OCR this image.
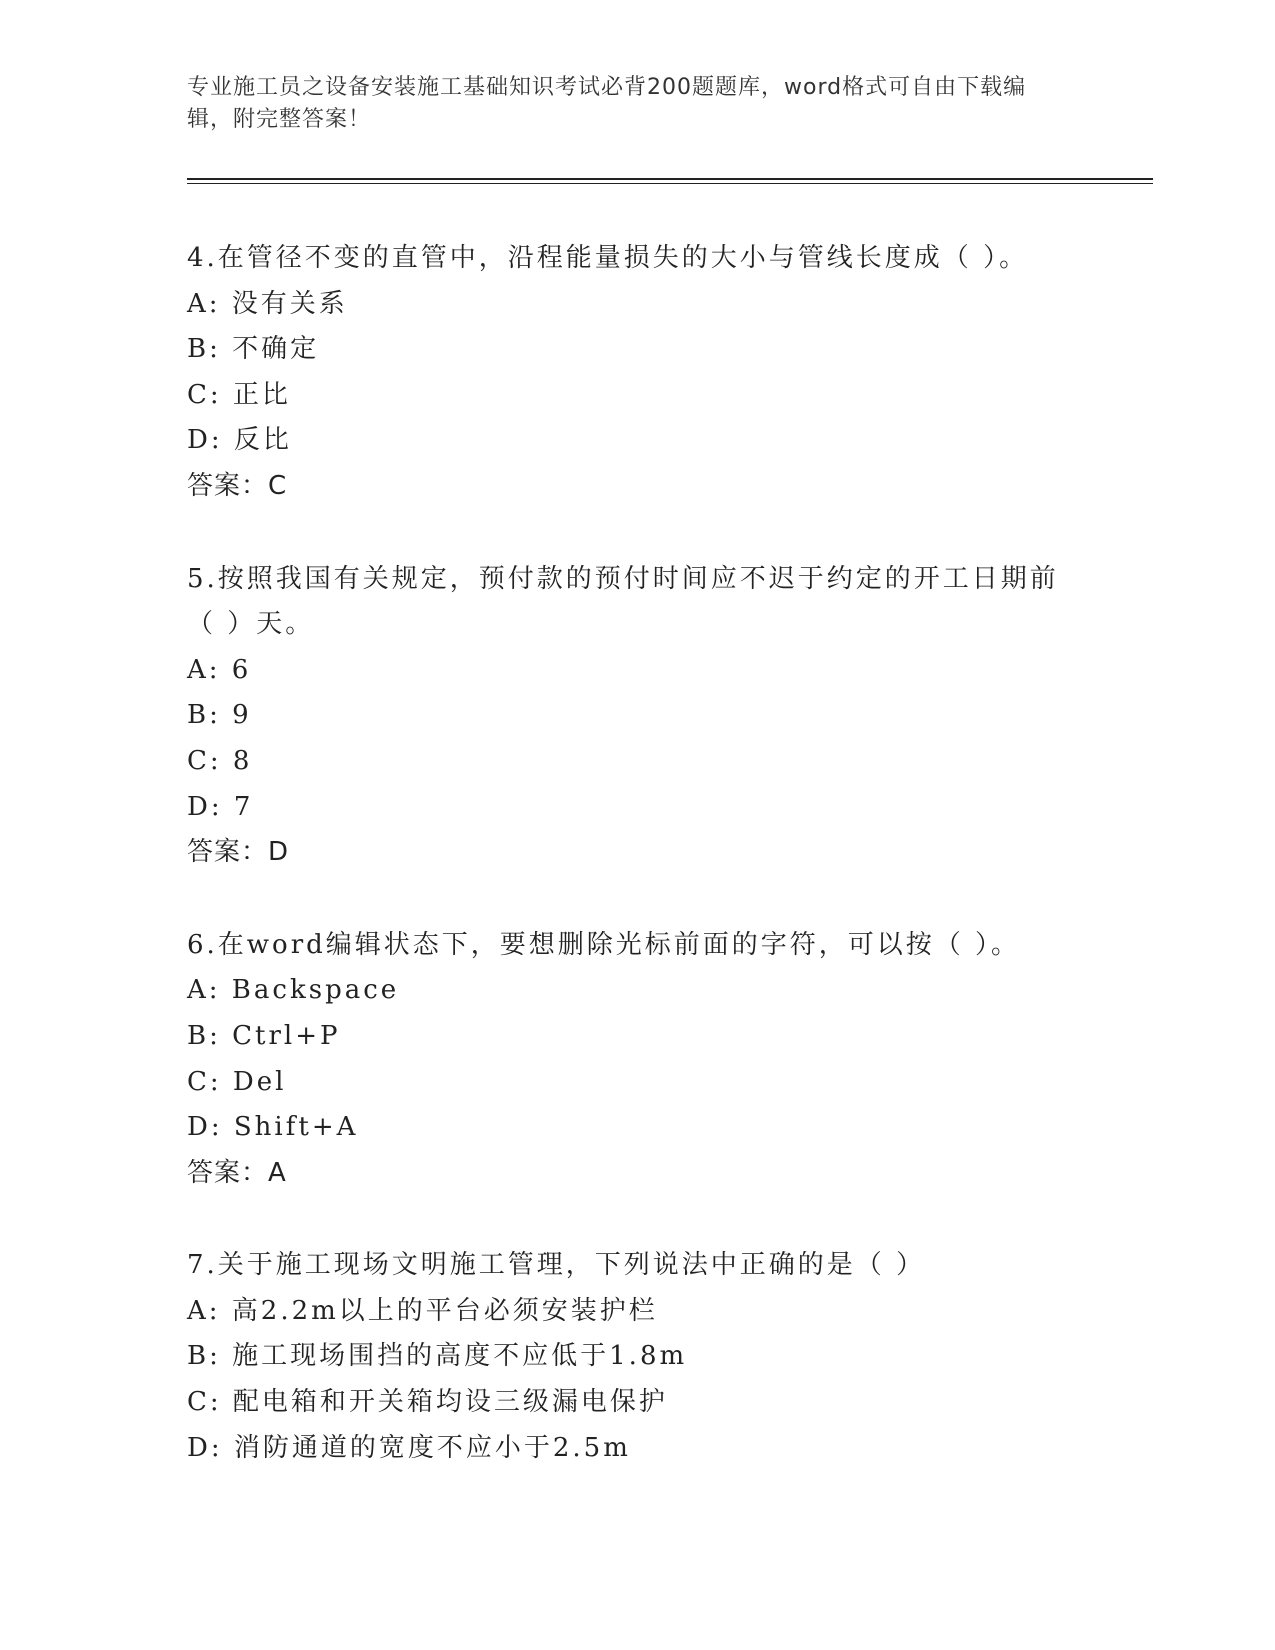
专业施工员之设备安装施工基础知识考试必背200题题库，word格式可自由下载编辑，附完整答案！
4.在管径不变的直管中，沿程能量损失的大小与管线长度成（ ）。
A: 没有关系
B: 不确定
C: 正比
D: 反比
答案：C
5.按照我国有关规定，预付款的预付时间应不迟于约定的开工日期前（ ）天。
A: 6
B: 9
C: 8
D: 7
答案：D
6.在word编辑状态下，要想删除光标前面的字符，可以按（ ）。
A: Backspace
B: Ctrl+P
C: Del
D: Shift+A
答案：A
7.关于施工现场文明施工管理，下列说法中正确的是（ ）
A: 高2.2m以上的平台必须安装护栏
B: 施工现场围挡的高度不应低于1.8m
C: 配电箱和开关箱均设三级漏电保护
D: 消防通道的宽度不应小于2.5m
